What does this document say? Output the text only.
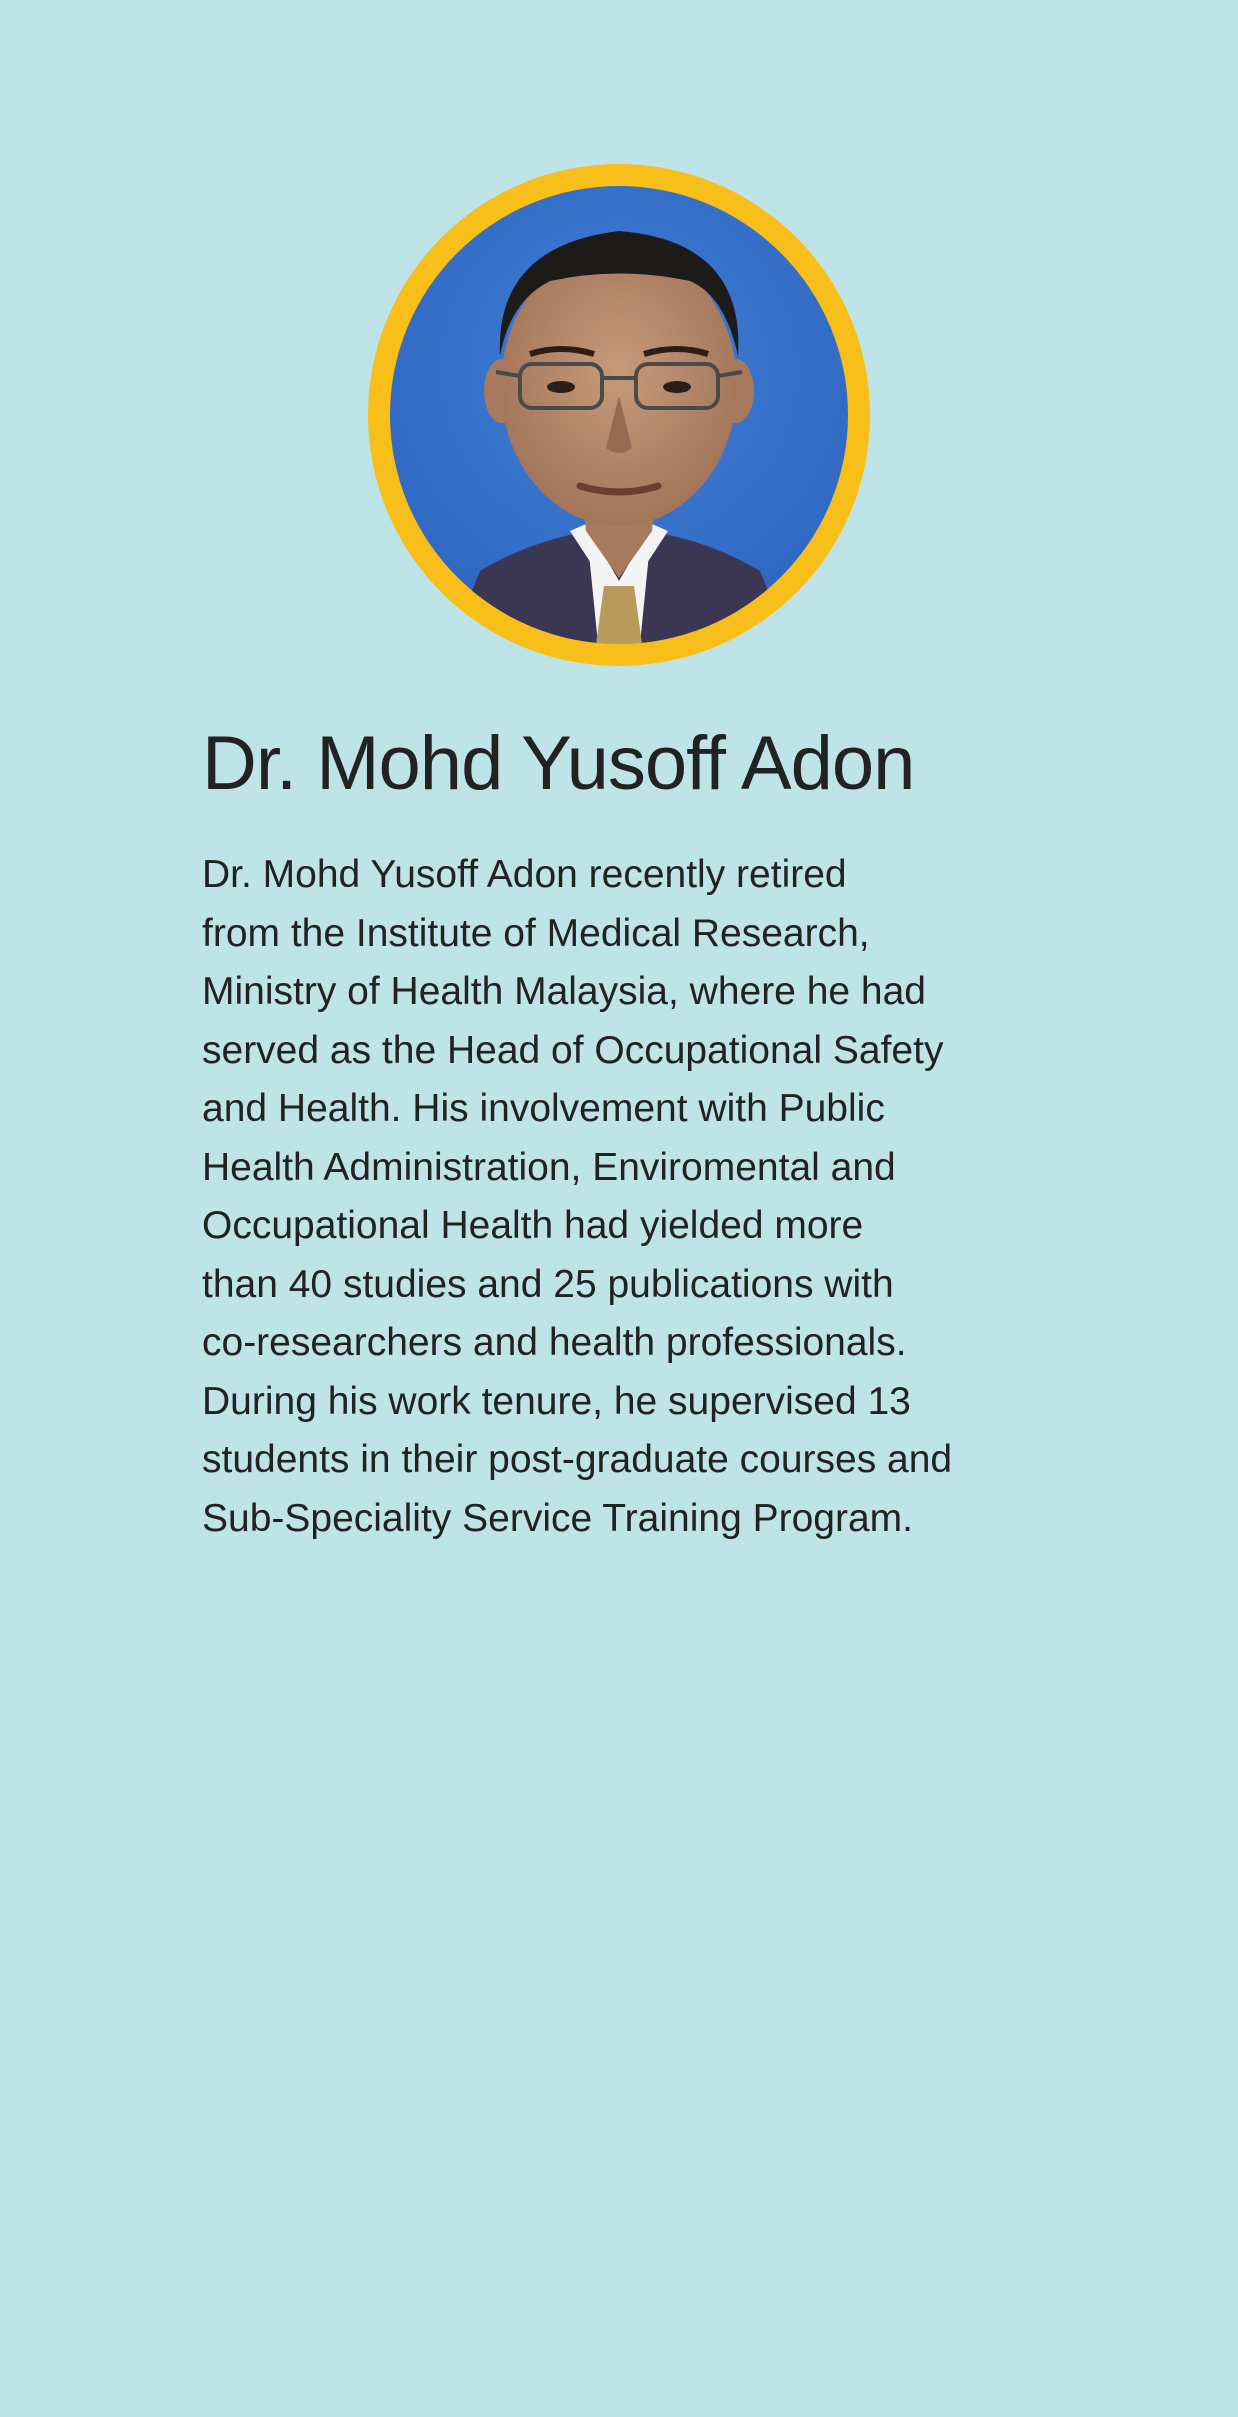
Dr. Mohd Yusoff Adon

Dr. Mohd Yusoff Adon recently retired
from the Institute of Medical Research,
Ministry of Health Malaysia, where he had
served as the Head of Occupational Safety
and Health. His involvement with Public
Health Administration, Enviromental and
Occupational Health had yielded more
than 40 studies and 25 publications with
co-researchers and health professionals.
During his work tenure, he supervised 13
students in their post-graduate courses and
Sub-Speciality Service Training Program.
